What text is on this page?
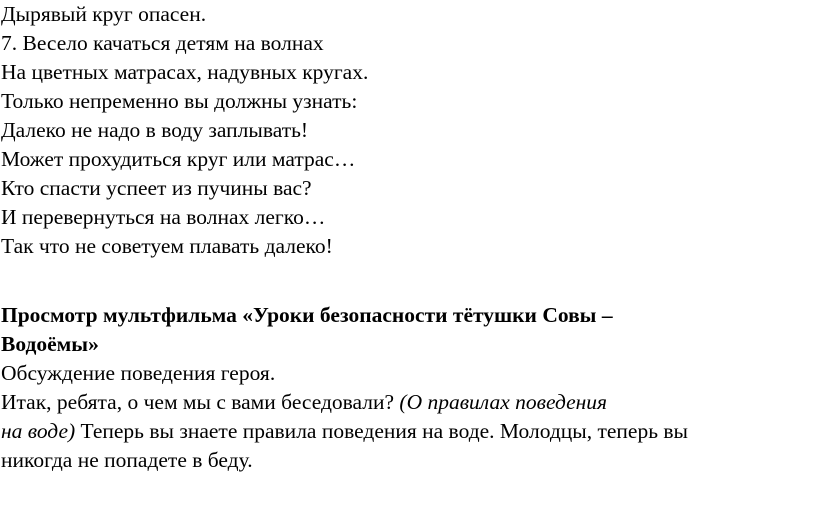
Дырявый круг опасен.
7. Весело качаться детям на волнах
На цветных матрасах, надувных кругах.
Только непременно вы должны узнать:
Далеко не надо в воду заплывать!
Может прохудиться круг или матрас…
Кто спасти успеет из пучины вас?
И перевернуться на волнах легко…
Так что не советуем плавать далеко!
Просмотр мультфильма «Уроки безопасности тётушки Совы –
Водоёмы»
Обсуждение поведения героя.
Итак, ребята, о чем мы с вами беседовали? (О правилах поведения
на воде) Теперь вы знаете правила поведения на воде. Молодцы, теперь вы
никогда не попадете в беду.
